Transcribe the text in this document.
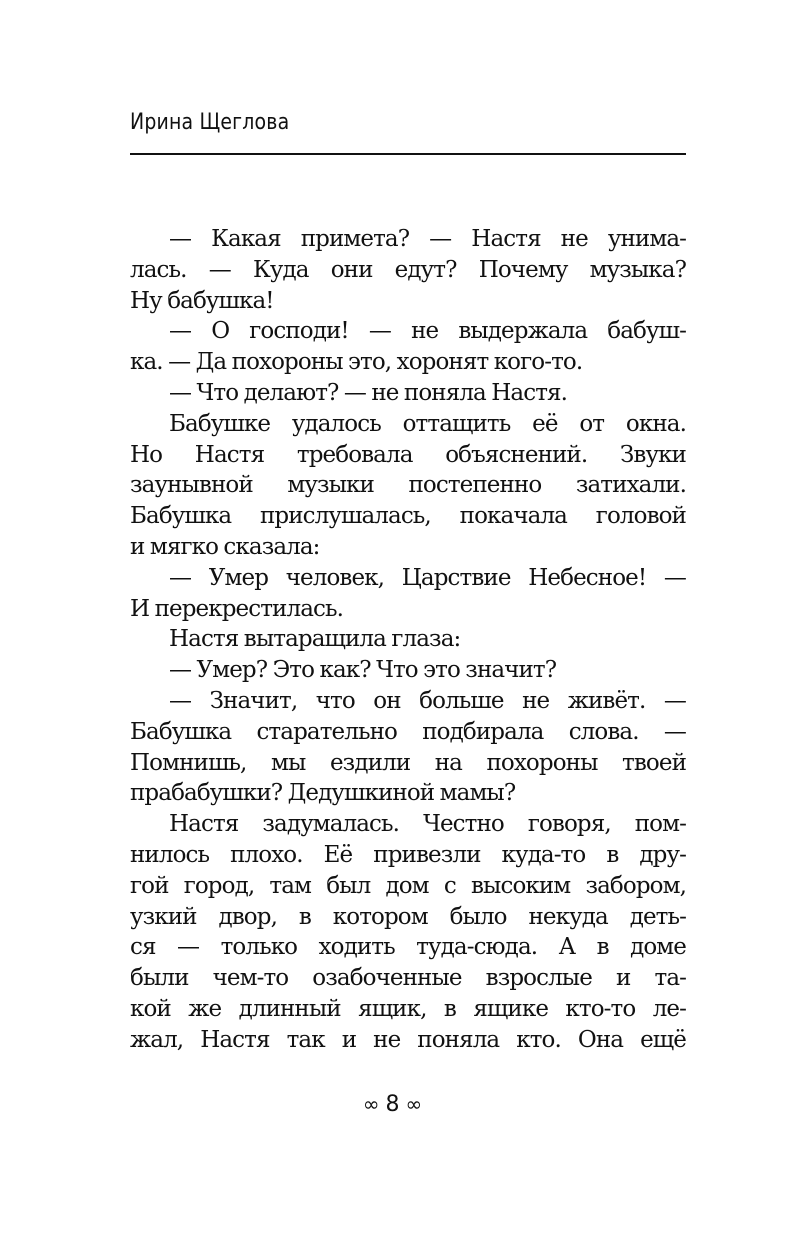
Ирина Щеглова
— Какая примета? — Настя не унима-
лась. — Куда они едут? Почему музыка?
Ну бабушка!
— О господи! — не выдержала бабуш-
ка. — Да похороны это, хоронят кого-то.
— Что делают? — не поняла Настя.
Бабушке удалось оттащить её от окна.
Но Настя требовала объяснений. Звуки
заунывной музыки постепенно затихали.
Бабушка прислушалась, покачала головой
и мягко сказала:
— Умер человек, Царствие Небесное! —
И перекрестилась.
Настя вытаращила глаза:
— Умер? Это как? Что это значит?
— Значит, что он больше не живёт. —
Бабушка старательно подбирала слова. —
Помнишь, мы ездили на похороны твоей
прабабушки? Дедушкиной мамы?
Настя задумалась. Честно говоря, пом-
нилось плохо. Её привезли куда-то в дру-
гой город, там был дом с высоким забором,
узкий двор, в котором было некуда деть-
ся — только ходить туда-сюда. А в доме
были чем-то озабоченные взрослые и та-
кой же длинный ящик, в ящике кто-то ле-
жал, Настя так и не поняла кто. Она ещё
∞ 8 ∞
